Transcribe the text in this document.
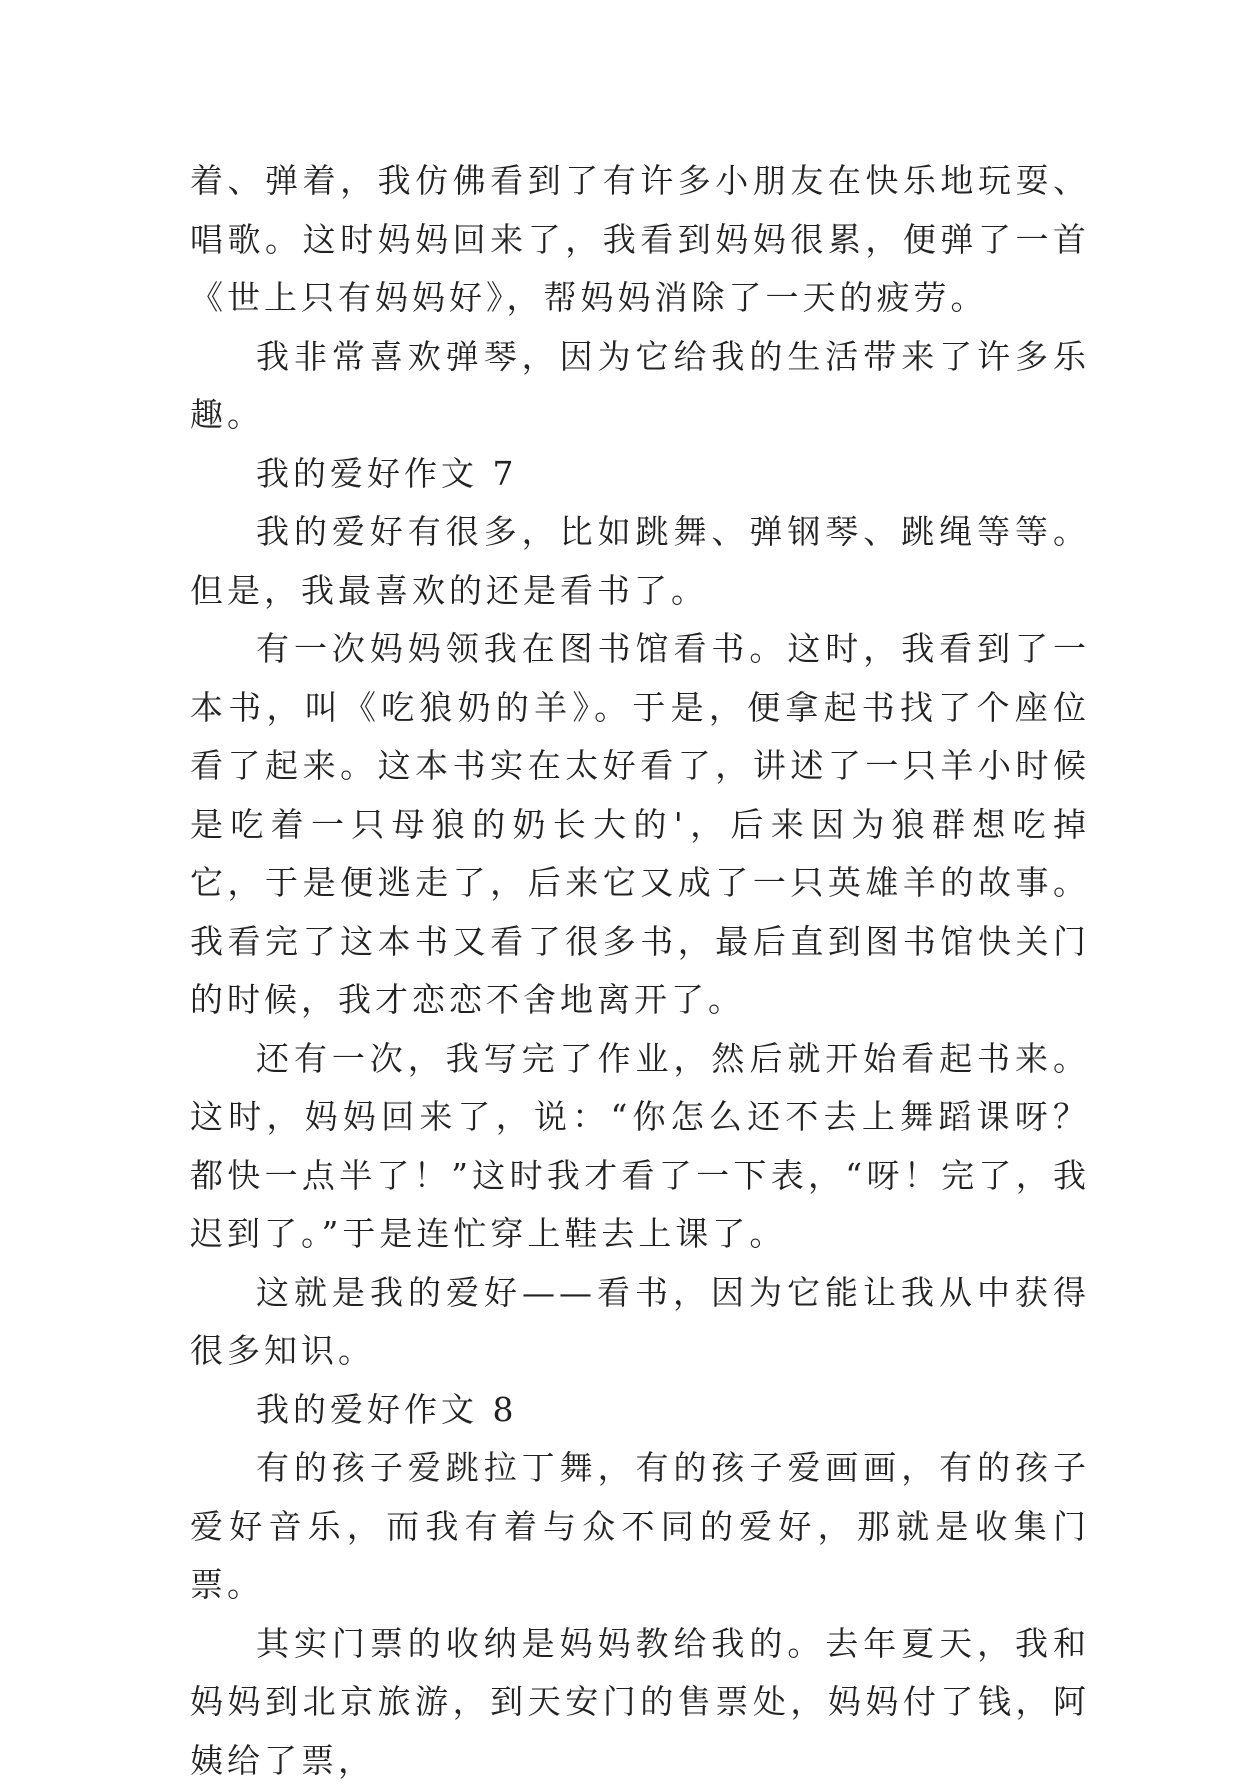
着、弹着，我仿佛看到了有许多小朋友在快乐地玩耍、唱歌。这时妈妈回来了，我看到妈妈很累，便弹了一首《世上只有妈妈好》，帮妈妈消除了一天的疲劳。

我非常喜欢弹琴，因为它给我的生活带来了许多乐趣。

我的爱好作文 7

我的爱好有很多，比如跳舞、弹钢琴、跳绳等等。但是，我最喜欢的还是看书了。

有一次妈妈领我在图书馆看书。这时，我看到了一本书，叫《吃狼奶的羊》。于是，便拿起书找了个座位看了起来。这本书实在太好看了，讲述了一只羊小时候是吃着一只母狼的奶长大的'，后来因为狼群想吃掉它，于是便逃走了，后来它又成了一只英雄羊的故事。我看完了这本书又看了很多书，最后直到图书馆快关门的时候，我才恋恋不舍地离开了。

还有一次，我写完了作业，然后就开始看起书来。这时，妈妈回来了，说：“你怎么还不去上舞蹈课呀？都快一点半了！”这时我才看了一下表，“呀！完了，我迟到了。”于是连忙穿上鞋去上课了。

这就是我的爱好——看书，因为它能让我从中获得很多知识。

我的爱好作文 8

有的孩子爱跳拉丁舞，有的孩子爱画画，有的孩子爱好音乐，而我有着与众不同的爱好，那就是收集门票。

其实门票的收纳是妈妈教给我的。去年夏天，我和妈妈到北京旅游，到天安门的售票处，妈妈付了钱，阿姨给了票，
